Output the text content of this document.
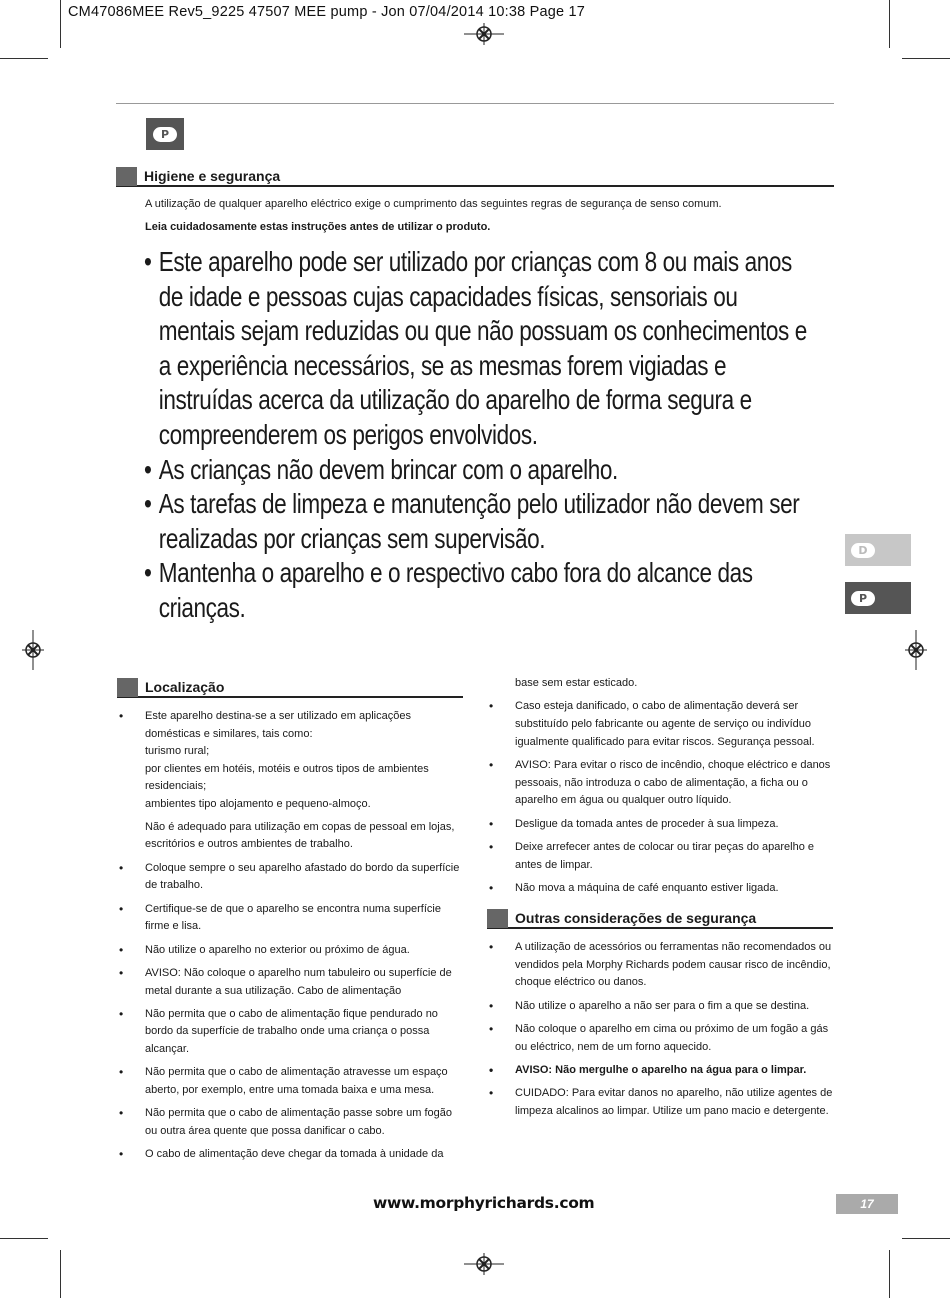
CM47086MEE Rev5_9225 47507 MEE pump - Jon 07/04/2014 10:38 Page 17
P
Higiene e segurança
A utilização de qualquer aparelho eléctrico exige o cumprimento das seguintes regras de segurança de senso comum.
Leia cuidadosamente estas instruções antes de utilizar o produto.
• Este aparelho pode ser utilizado por crianças com 8 ou mais anos de idade e pessoas cujas capacidades físicas, sensoriais ou mentais sejam reduzidas ou que não possuam os conhecimentos e a experiência necessários, se as mesmas forem vigiadas e instruídas acerca da utilização do aparelho de forma segura e compreenderem os perigos envolvidos.
• As crianças não devem brincar com o aparelho.
• As tarefas de limpeza e manutenção pelo utilizador não devem ser realizadas por crianças sem supervisão.
• Mantenha o aparelho e o respectivo cabo fora do alcance das crianças.
D
P
Localização
• Este aparelho destina-se a ser utilizado em aplicações domésticas e similares, tais como:
turismo rural;
por clientes em hotéis, motéis e outros tipos de ambientes residenciais;
ambientes tipo alojamento e pequeno-almoço.
Não é adequado para utilização em copas de pessoal em lojas, escritórios e outros ambientes de trabalho.
• Coloque sempre o seu aparelho afastado do bordo da superfície de trabalho.
• Certifique-se de que o aparelho se encontra numa superfície firme e lisa.
• Não utilize o aparelho no exterior ou próximo de água.
• AVISO: Não coloque o aparelho num tabuleiro ou superfície de metal durante a sua utilização. Cabo de alimentação
• Não permita que o cabo de alimentação fique pendurado no bordo da superfície de trabalho onde uma criança o possa alcançar.
• Não permita que o cabo de alimentação atravesse um espaço aberto, por exemplo, entre uma tomada baixa e uma mesa.
• Não permita que o cabo de alimentação passe sobre um fogão ou outra área quente que possa danificar o cabo.
• O cabo de alimentação deve chegar da tomada à unidade da
base sem estar esticado.
• Caso esteja danificado, o cabo de alimentação deverá ser substituído pelo fabricante ou agente de serviço ou indivíduo igualmente qualificado para evitar riscos. Segurança pessoal.
• AVISO: Para evitar o risco de incêndio, choque eléctrico e danos pessoais, não introduza o cabo de alimentação, a ficha ou o aparelho em água ou qualquer outro líquido.
• Desligue da tomada antes de proceder à sua limpeza.
• Deixe arrefecer antes de colocar ou tirar peças do aparelho e antes de limpar.
• Não mova a máquina de café enquanto estiver ligada.
Outras considerações de segurança
• A utilização de acessórios ou ferramentas não recomendados ou vendidos pela Morphy Richards podem causar risco de incêndio, choque eléctrico ou danos.
• Não utilize o aparelho a não ser para o fim a que se destina.
• Não coloque o aparelho em cima ou próximo de um fogão a gás ou eléctrico, nem de um forno aquecido.
• AVISO: Não mergulhe o aparelho na água para o limpar.
• CUIDADO: Para evitar danos no aparelho, não utilize agentes de limpeza alcalinos ao limpar. Utilize um pano macio e detergente.
www.morphyrichards.com	17
